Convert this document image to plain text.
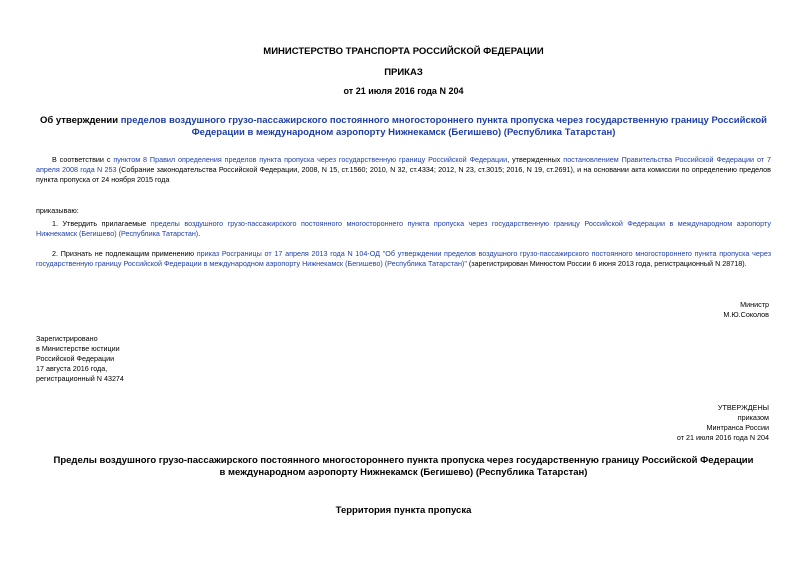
МИНИСТЕРСТВО ТРАНСПОРТА РОССИЙСКОЙ ФЕДЕРАЦИИ
ПРИКАЗ
от 21 июля 2016 года N 204
Об утверждении пределов воздушного грузо-пассажирского постоянного многостороннего пункта пропуска через государственную границу Российской Федерации в международном аэропорту Нижнекамск (Бегишево) (Республика Татарстан)
В соответствии с пунктом 8 Правил определения пределов пункта пропуска через государственную границу Российской Федерации, утвержденных постановлением Правительства Российской Федерации от 7 апреля 2008 года N 253 (Собрание законодательства Российской Федерации, 2008, N 15, ст.1560; 2010, N 32, ст.4334; 2012, N 23, ст.3015; 2016, N 19, ст.2691), и на основании акта комиссии по определению пределов пункта пропуска от 24 ноября 2015 года
приказываю:
1. Утвердить прилагаемые пределы воздушного грузо-пассажирского постоянного многостороннего пункта пропуска через государственную границу Российской Федерации в международном аэропорту Нижнекамск (Бегишево) (Республика Татарстан).
2. Признать не подлежащим применению приказ Росграницы от 17 апреля 2013 года N 104-ОД "Об утверждении пределов воздушного грузо-пассажирского постоянного многостороннего пункта пропуска через государственную границу Российской Федерации в международном аэропорту Нижнекамск (Бегишево) (Республика Татарстан)" (зарегистрирован Минюстом России 6 июня 2013 года, регистрационный N 28718).
Министр
М.Ю.Соколов
Зарегистрировано
в Министерстве юстиции
Российской Федерации
17 августа 2016 года,
регистрационный N 43274
УТВЕРЖДЕНЫ
приказом
Минтранса России
от 21 июля 2016 года N 204
Пределы воздушного грузо-пассажирского постоянного многостороннего пункта пропуска через государственную границу Российской Федерации в международном аэропорту Нижнекамск (Бегишево) (Республика Татарстан)
Территория пункта пропуска
